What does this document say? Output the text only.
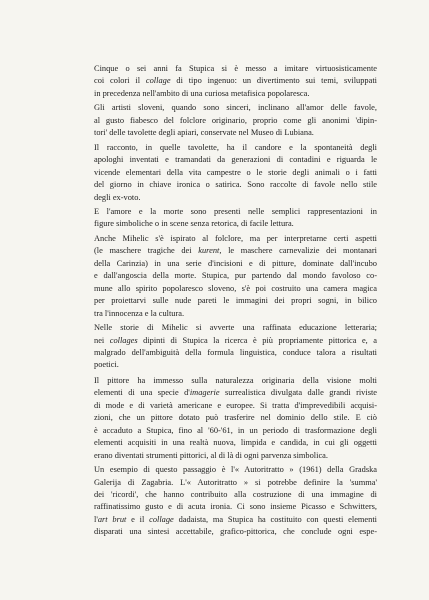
Cinque o sei anni fa Stupica si è messo a imitare virtuosisticamente
coi colori il collage di tipo ingenuo: un divertimento sui temi, sviluppati
in precedenza nell'ambito di una curiosa metafisica popolaresca.

Gli artisti sloveni, quando sono sinceri, inclinano all'amor delle favole,
al gusto fiabesco del folclore originario, proprio come gli anonimi 'dipin-
tori' delle tavolette degli apiari, conservate nel Museo di Lubiana.

Il racconto, in quelle tavolette, ha il candore e la spontaneità degli
apologhi inventati e tramandati da generazioni di contadini e riguarda le
vicende elementari della vita campestre o le storie degli animali o i fatti
del giorno in chiave ironica o satirica. Sono raccolte di favole nello stile
degli ex-voto.

E l'amore e la morte sono presenti nelle semplici rappresentazioni in
figure simboliche o in scene senza retorica, di facile lettura.

Anche Mihelic s'è ispirato al folclore, ma per interpretarne certi aspetti
(le maschere tragiche dei kurent, le maschere carnevalizie dei montanari
della Carinzia) in una serie d'incisioni e di pitture, dominate dall'incubo
e dall'angoscia della morte. Stupica, pur partendo dal mondo favoloso co-
mune allo spirito popolaresco sloveno, s'è poi costruito una camera magica
per proiettarvi sulle nude pareti le immagini dei propri sogni, in bilico
tra l'innocenza e la cultura.

Nelle storie di Mihelic si avverte una raffinata educazione letteraria;
nei collages dipinti di Stupica la ricerca è più propriamente pittorica e, a
malgrado dell'ambiguità della formula linguistica, conduce talora a risultati
poetici.

Il pittore ha immesso sulla naturalezza originaria della visione molti
elementi di una specie d'imagerie surrealistica divulgata dalle grandi riviste
di mode e di varietà americane e europee. Si tratta d'imprevedibili acquisi-
zioni, che un pittore dotato può trasferire nel dominio dello stile. E ciò
è accaduto a Stupica, fino al '60-'61, in un periodo di trasformazione degli
elementi acquisiti in una realtà nuova, limpida e candida, in cui gli oggetti
erano diventati strumenti pittorici, al di là di ogni parvenza simbolica.

Un esempio di questo passaggio è l'« Autoritratto » (1961) della Gradska
Galerija di Zagabria. L'« Autoritratto » si potrebbe definire la 'summa'
dei 'ricordi', che hanno contribuito alla costruzione di una immagine di
raffinatissimo gusto e di acuta ironia. Ci sono insieme Picasso e Schwitters,
l'art brut e il collage dadaista, ma Stupica ha costituito con questi elementi
disparati una sintesi accettabile, grafico-pittorica, che conclude ogni espe-
